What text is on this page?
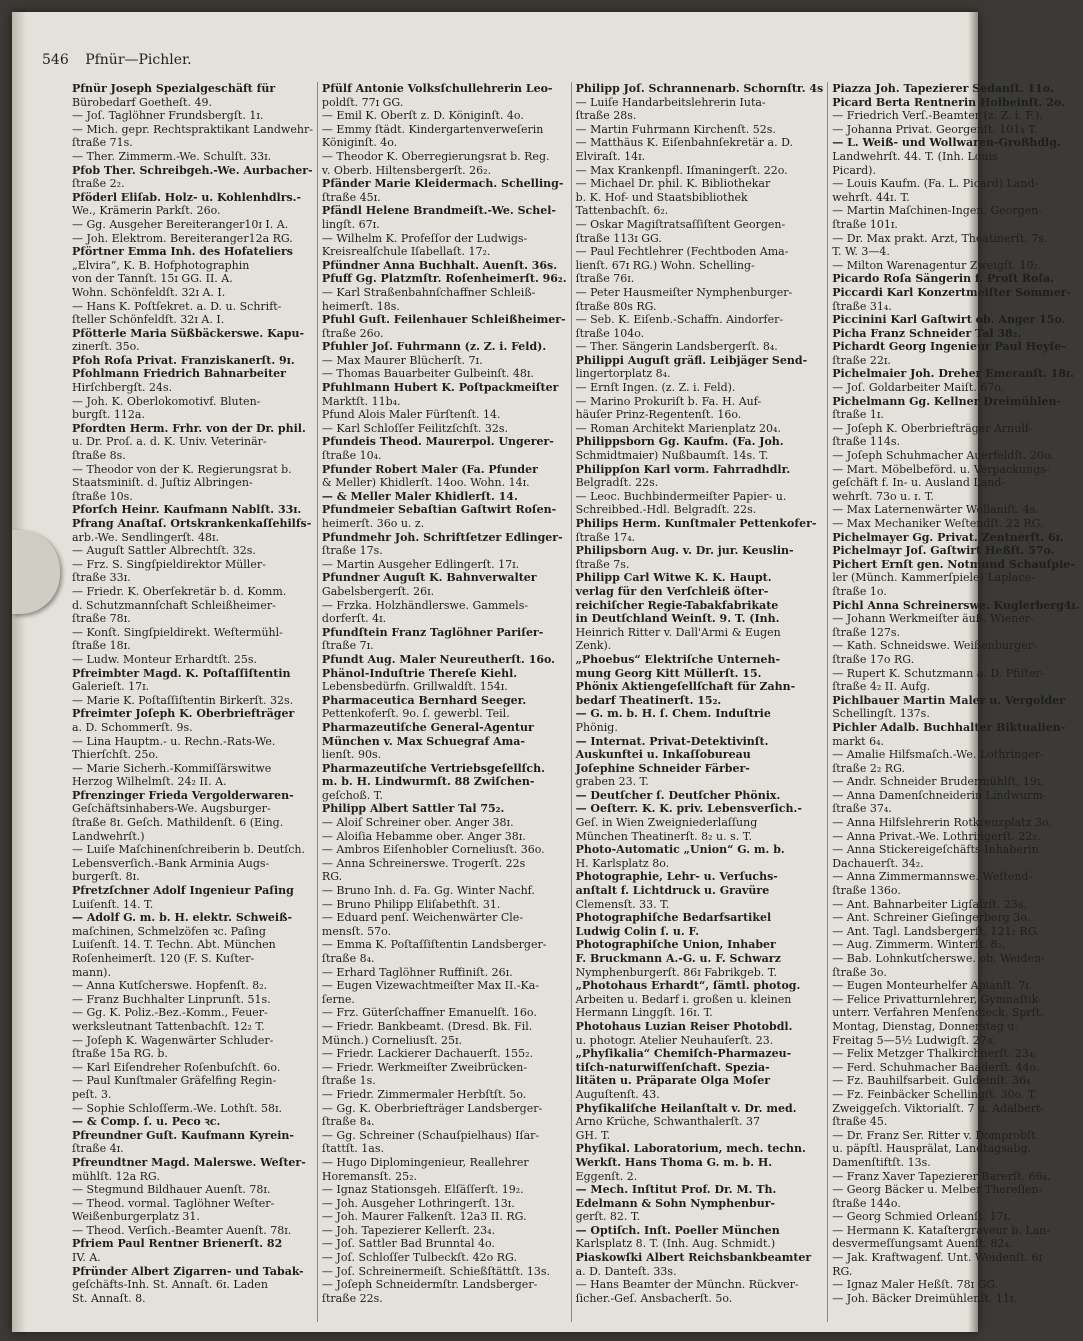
546 Pfnür—Pichler.
Pfnür Joseph Spezialgeschäft für
Bürobedarf Goetheſt. 49.
— Joſ. Taglöhner Frundsbergſt. 1ɪ.
— Mich. gepr. Rechtspraktikant Landwehr-
ſtraße 71s.
— Ther. Zimmerm.-We. Schulſt. 33ɪ.
Pfob Ther. Schreibgeh.-We. Aurbacher-
ſtraße 2₂.
Pföderl Eliſab. Holz- u. Kohlenhdlrs.-
We., Krämerin Parkſt. 26o.
— Gg. Ausgeher Bereiteranger10ɪ I. A.
— Joh. Elektrom. Bereiteranger12a RG.
Pförtner Emma Inh. des Hofateliers
„Elvira“, K. B. Hofphotographin
von der Tannſt. 15ɪ GG. II. A.
Wohn. Schönfeldſt. 32ɪ A. I.
— Hans K. Poſtſekret. a. D. u. Schrift-
ſteller Schönfeldſt. 32ɪ A. I.
Pfötterle Maria Süßbäckerswe. Kapu-
zinerſt. 35o.
Pfoh Roſa Privat. Franziskanerſt. 9ɪ.
Pfohlmann Friedrich Bahnarbeiter
Hirſchbergſt. 24s.
— Joh. K. Oberlokomotivf. Bluten-
burgſt. 112a.
Pfordten Herm. Frhr. von der Dr. phil.
u. Dr. Proſ. a. d. K. Univ. Veterinär-
ſtraße 8s.
— Theodor von der K. Regierungsrat b.
Staatsminiſt. d. Juſtiz Albringen-
ſtraße 10s.
Pforſch Heinr. Kaufmann Nablſt. 33ɪ.
Pfrang Anaſtaſ. Ortskrankenkaſſehilfs-
arb.-We. Sendlingerſt. 48ɪ.
— Auguſt Sattler Albrechtſt. 32s.
— Frz. S. Singſpieldirektor Müller-
ſtraße 33ɪ.
— Friedr. K. Oberſekretär b. d. Komm.
d. Schutzmannſchaft Schleißheimer-
ſtraße 78ɪ.
— Konſt. Singſpieldirekt. Weſtermühl-
ſtraße 18ɪ.
— Ludw. Monteur Erhardtſt. 25s.
Pfreimbter Magd. K. Poſtaſſiſtentin
Galerieſt. 17ɪ.
— Marie K. Poſtaſſiſtentin Birkerſt. 32s.
Pfreimter Joſeph K. Oberbriefträger
a. D. Schommerſt. 9s.
— Lina Hauptm.- u. Rechn.-Rats-We.
Thierſchſt. 25o.
— Marie Sicherh.-Kommiſſärswitwe
Herzog Wilhelmſt. 24₂ II. A.
Pfrenzinger Frieda Vergolderwaren-
Geſchäftsinhabers-We. Augsburger-
ſtraße 8ɪ. Geſch. Mathildenſt. 6 (Eing.
Landwehrſt.)
— Luiſe Maſchinenſchreiberin b. Deutſch.
Lebensverſich.-Bank Arminia Augs-
burgerſt. 8ɪ.
Pfretzſchner Adolf Ingenieur Paſing
Luiſenſt. 14. T.
— Adolf G. m. b. H. elektr. Schweiß-
maſchinen, Schmelzöfen ꝛc. Paſing
Luiſenſt. 14. T. Techn. Abt. München
Roſenheimerſt. 120 (F. S. Kuſter-
mann).
— Anna Kutſcherswe. Hopfenſt. 8₂.
— Franz Buchhalter Linprunſt. 51s.
— Gg. K. Poliz.-Bez.-Komm., Feuer-
werksleutnant Tattenbachſt. 12₂ T.
— Joſeph K. Wagenwärter Schluder-
ſtraße 15a RG. b.
— Karl Eiſendreher Roſenbuſchſt. 6o.
— Paul Kunſtmaler Gräfelfing Regin-
peſt. 3.
— Sophie Schloſſerm.-We. Lothſt. 58ɪ.
— & Comp. ſ. u. Peco ꝛc.
Pfreundner Guſt. Kaufmann Kyrein-
ſtraße 4ɪ.
Pfreundtner Magd. Malerswe. Weſter-
mühlſt. 12a RG.
— Stegmund Bildhauer Auenſt. 78ɪ.
— Theod. vormal. Taglöhner Weſter-
Weißenburgerplatz 31.
— Theod. Verſich.-Beamter Auenſt. 78ɪ.
Pfriem Paul Rentner Brienerſt. 82
IV. A.
Pfründer Albert Zigarren- und Tabak-
geſchäfts-Inh. St. Annaſt. 6ɪ. Laden
St. Annaſt. 8.
Pfülf Antonie Volksſchullehrerin Leo-
poldſt. 77ɪ GG.
— Emil K. Oberſt z. D. Königinſt. 4o.
— Emmy ſtädt. Kindergartenverweſerin
Königinſt. 4o.
— Theodor K. Oberregierungsrat b. Reg.
v. Oberb. Hiltensbergerſt. 26₂.
Pfänder Marie Kleidermach. Schelling-
ſtraße 45ɪ.
Pfändl Helene Brandmeiſt.-We. Schel-
lingſt. 67ɪ.
— Wilhelm K. Profeſſor der Ludwigs-
Kreisrealſchule Iſabellaſt. 17₂.
Pfündner Anna Buchhalt. Auenſt. 36s.
Pfuff Gg. Platzmſtr. Roſenheimerſt. 96₂.
— Karl Straßenbahnſchaffner Schleiß-
heimerſt. 18s.
Pfuhl Guſt. Feilenhauer Schleißheimer-
ſtraße 26o.
Pfuhler Joſ. Fuhrmann (z. Z. i. Feld).
— Max Maurer Blücherſt. 7ɪ.
— Thomas Bauarbeiter Gulbeinſt. 48ɪ.
Pfuhlmann Hubert K. Poſtpackmeiſter
Marktſt. 11b₄.
Pfund Alois Maler Fürſtenſt. 14.
— Karl Schloſſer Feilitzſchſt. 32s.
Pfundeis Theod. Maurerpol. Ungerer-
ſtraße 10₄.
Pfunder Robert Maler (Fa. Pfunder
& Meller) Khidlerſt. 14oo. Wohn. 14ɪ.
— & Meller Maler Khidlerſt. 14.
Pfundmeier Sebaſtian Gaſtwirt Roſen-
heimerſt. 36o u. z.
Pfundmehr Joh. Schriftſetzer Edlinger-
ſtraße 17s.
— Martin Ausgeher Edlingerſt. 17ɪ.
Pfundner Auguſt K. Bahnverwalter
Gabelsbergerſt. 26ɪ.
— Frzka. Holzhändlerswe. Gammels-
dorferſt. 4ɪ.
Pfundſtein Franz Taglöhner Pariſer-
ſtraße 7ɪ.
Pfundt Aug. Maler Neureutherſt. 16o.
Phänol-Induſtrie Thereſe Kiehl.
Lebensbedürfn. Grillwaldſt. 154ɪ.
Pharmaceutica Bernhard Seeger.
Pettenkoferſt. 9o. ſ. gewerbl. Teil.
Pharmazeutiſche General-Agentur
München v. Max Schuegraf Ama-
lienſt. 90s.
Pharmazeutiſche Vertriebsgeſellſch.
m. b. H. Lindwurmſt. 88 Zwiſchen-
geſchoß. T.
Philipp Albert Sattler Tal 75₂.
— Aloiſ Schreiner ober. Anger 38ɪ.
— Aloiſia Hebamme ober. Anger 38ɪ.
— Ambros Eiſenhobler Corneliusſt. 36o.
— Anna Schreinerswe. Trogerſt. 22s
RG.
— Bruno Inh. d. Fa. Gg. Winter Nachf.
— Bruno Philipp Eliſabethſt. 31.
— Eduard penſ. Weichenwärter Cle-
mensſt. 57o.
— Emma K. Poſtaſſiſtentin Landsberger-
ſtraße 8₄.
— Erhard Taglöhner Ruffiniſt. 26ɪ.
— Eugen Vizewachtmeiſter Max II.-Ka-
ſerne.
— Frz. Güterſchaffner Emanuelſt. 16o.
— Friedr. Bankbeamt. (Dresd. Bk. Fil.
Münch.) Corneliusſt. 25ɪ.
— Friedr. Lackierer Dachauerſt. 155₂.
— Friedr. Werkmeiſter Zweibrücken-
ſtraße 1s.
— Friedr. Zimmermaler Herbſtſt. 5o.
— Gg. K. Oberbriefträger Landsberger-
ſtraße 8₄.
— Gg. Schreiner (Schauſpielhaus) Iſar-
ſtattſt. 1as.
— Hugo Diplomingenieur, Reallehrer
Horemansſt. 25₂.
— Ignaz Stationsgeh. Elſäſſerſt. 19₂.
— Joh. Ausgeher Lothringerſt. 13ɪ.
— Joh. Maurer Falkenſt. 12a3 II. RG.
— Joh. Tapezierer Kellerſt. 23₄.
— Joſ. Sattler Bad Brunntal 4o.
— Joſ. Schloſſer Tulbeckſt. 42o RG.
— Joſ. Schreinermeiſt. Schießſtättſt. 13s.
— Joſeph Schneidermſtr. Landsberger-
ſtraße 22s.
Philipp Joſ. Schrannenarb. Schornſtr. 4s
— Luiſe Handarbeitslehrerin Iuta-
ſtraße 28s.
— Martin Fuhrmann Kirchenſt. 52s.
— Matthäus K. Eiſenbahnſekretär a. D.
Elviraſt. 14ɪ.
— Max Krankenpfl. Iſmaningerſt. 22o.
— Michael Dr. phil. K. Bibliothekar
b. K. Hof- und Staatsbibliothek
Tattenbachſt. 6₂.
— Oskar Magiſtratsaſſiſtent Georgen-
ſtraße 113ɪ GG.
— Paul Fechtlehrer (Fechtboden Ama-
lienſt. 67ɪ RG.) Wohn. Schelling-
ſtraße 76ɪ.
— Peter Hausmeiſter Nymphenburger-
ſtraße 80s RG.
— Seb. K. Eiſenb.-Schaffn. Aindorfer-
ſtraße 104o.
— Ther. Sängerin Landsbergerſt. 8₄.
Philippi Auguſt gräfl. Leibjäger Send-
lingertorplatz 8₄.
— Ernſt Ingen. (z. Z. i. Feld).
— Marino Prokuriſt b. Fa. H. Auf-
häuſer Prinz-Regentenſt. 16o.
— Roman Architekt Marienplatz 20₄.
Philippsborn Gg. Kaufm. (Fa. Joh.
Schmidtmaier) Nußbaumſt. 14s. T.
Philippſon Karl vorm. Fahrradhdlr.
Belgradſt. 22s.
— Leoc. Buchbindermeiſter Papier- u.
Schreibbed.-Hdl. Belgradſt. 22s.
Philips Herm. Kunſtmaler Pettenkofer-
ſtraße 17₄.
Philipsborn Aug. v. Dr. jur. Keuslin-
ſtraße 7s.
Philipp Carl Witwe K. K. Haupt.
verlag für den Verſchleiß öſter-
reichiſcher Regie-Tabakfabrikate
in Deutſchland Weinſt. 9. T. (Inh.
Heinrich Ritter v. Dall'Armi & Eugen
Zenk).
„Phoebus“ Elektriſche Unterneh-
mung Georg Kitt Müllerſt. 15.
Phönix Aktiengeſellſchaft für Zahn-
bedarf Theatinerſt. 15₂.
— G. m. b. H. ſ. Chem. Induſtrie
Phönig.
— Internat. Privat-Detektivinſt.
Auskunftei u. Inkaſſobureau
Joſephine Schneider Färber-
graben 23. T.
— Deutſcher ſ. Deutſcher Phönix.
— Oeſterr. K. K. priv. Lebensverſich.-
Geſ. in Wien Zweigniederlaſſung
München Theatinerſt. 8₂ u. s. T.
Photo-Automatic „Union“ G. m. b.
H. Karlsplatz 8o.
Photographie, Lehr- u. Verſuchs-
anſtalt f. Lichtdruck u. Gravüre
Clemensſt. 33. T.
Photographiſche Bedarfsartikel
Ludwig Colin ſ. u. F.
Photographiſche Union, Inhaber
F. Bruckmann A.-G. u. F. Schwarz
Nymphenburgerſt. 86ɪ Fabrikgeb. T.
„Photohaus Erhardt“, ſämtl. photog.
Arbeiten u. Bedarf i. großen u. kleinen
Hermann Linggſt. 16ɪ. T.
Photohaus Luzian Reiser Photobdl.
u. photogr. Atelier Neuhauſerſt. 23.
„Phyſikalia“ Chemiſch-Pharmazeu-
tiſch-naturwiſſenſchaft. Spezia-
litäten u. Präparate Olga Moſer
Auguſtenſt. 43.
Phyſikaliſche Heilanſtalt v. Dr. med.
Arno Krüche, Schwanthalerſt. 37
GH. T.
Phyſikal. Laboratorium, mech. techn.
Werkſt. Hans Thoma G. m. b. H.
Eggenſt. 2.
— Mech. Inſtitut Prof. Dr. M. Th.
Edelmann & Sohn Nymphenbur-
gerſt. 82. T.
— Optiſch. Inſt. Poeller München
Karlsplatz 8. T. (Inh. Aug. Schmidt.)
Piaskowſki Albert Reichsbankbeamter
a. D. Danteſt. 33s.
— Hans Beamter der Münchn. Rückver-
ſicher.-Geſ. Ansbacherſt. 5o.
Piazza Joh. Tapezierer Sedanſt. 11o.
Picard Berta Rentnerin Holbeinſt. 2o.
— Friedrich Verſ.-Beamter (z. Z. i. F.).
— Johanna Privat. Georgenſt. 101₄ T.
— L. Weiß- und Wollwaren-Großhdlg.
Landwehrſt. 44. T. (Inh. Louis
Picard).
— Louis Kaufm. (Fa. L. Picard) Land-
wehrſt. 44ɪ. T.
— Martin Maſchinen-Ingen. Georgen-
ſtraße 101ɪ.
— Dr. Max prakt. Arzt, Theatinerſt. 7s.
T. W. 3—4.
— Milton Warenagentur Zweigſt. 10₂.
Picardo Roſa Sängerin f. Proſt Roſa.
Piccardi Karl Konzertmeiſter Sommer-
ſtraße 31₄.
Piccinini Karl Gaſtwirt ob. Anger 15o.
Picha Franz Schneider Tal 38₂.
Pichardt Georg Ingenieur Paul Heyſe-
ſtraße 22ɪ.
Pichelmaier Joh. Dreher Emeranſt. 18ɪ.
— Joſ. Goldarbeiter Maiſt. 67o.
Pichelmann Gg. Kellner Dreimühlen-
ſtraße 1ɪ.
— Joſeph K. Oberbriefträger Arnulf-
ſtraße 114s.
— Joſeph Schuhmacher Auerfeldſt. 20o.
— Mart. Möbelbeförd. u. Verpackungs-
geſchäft f. In- u. Ausland Land-
wehrſt. 73o u. ɪ. T.
— Max Laternenwärter Wollaniſt. 4s.
— Max Mechaniker Weſtendſt. 22 RG.
Pichelmayer Gg. Privat. Zentnerſt. 6ɪ.
Pichelmayr Joſ. Gaſtwirt Heßſt. 57o.
Pichert Ernſt gen. Notmund Schauſpie-
ler (Münch. Kammerſpiele) Laplace-
ſtraße 1o.
Pichl Anna Schreinerswe. Kuglerberg4ɪ.
— Johann Werkmeiſter äuß. Wiener-
ſtraße 127s.
— Kath. Schneidswe. Weißenburger-
ſtraße 17o RG.
— Rupert K. Schutzmann a. D. Pfiſter-
ſtraße 4₂ II. Aufg.
Pichlbauer Martin Maler u. Vergolder
Schellingſt. 137s.
Pichler Adalb. Buchhalter Biktualien-
markt 6₄.
— Amalie Hilfsmaſch.-We. Lothringer-
ſtraße 2₂ RG.
— Andr. Schneider Brudermühlſt. 19ɪ.
— Anna Damenſchneiderin Lindwurm-
ſtraße 37₄.
— Anna Hilfslehrerin Rotkreuzplatz 3o.
— Anna Privat.-We. Lothringerſt. 22₂.
— Anna Stickereigeſchäfts-Inhaberin
Dachauerſt. 34₂.
— Anna Zimmermannswe. Weſtend-
ſtraße 136o.
— Ant. Bahnarbeiter Ligſalzſt. 23s.
— Ant. Schreiner Gieſingerberg 3o.
— Ant. Tagl. Landsbergerſt. 121₂ RG.
— Aug. Zimmerm. Winterſt. 8₂.
— Bab. Lohnkutſcherswe. ob. Weiden-
ſtraße 3o.
— Eugen Monteurhelfer Apianſt. 7ɪ.
— Felice Privatturnlehrer, Gymnaſtik-
unterr. Verfahren Menſendieck, Sprſt.
Montag, Dienstag, Donnerstag u.
Freitag 5—5½ Ludwigſt. 27s.
— Felix Metzger Thalkirchnerſt. 23₄.
— Ferd. Schuhmacher Baaderſt. 44o.
— Fz. Bauhilfsarbeit. Guldeinſt. 36₄
— Fz. Feinbäcker Schellingſt. 30o. T.
Zweiggeſch. Viktorialſt. 7 u. Adalbert-
ſtraße 45.
— Dr. Franz Ser. Ritter v. Domprobſt
u. päpſtl. Hausprälat, Landtagsabg.
Damenſtiftſt. 13s.
— Franz Xaver Tapezierer Barerſt. 66₄.
— Georg Bäcker u. Melber Thereſien-
ſtraße 144o.
— Georg Schmied Orleanſt. 17ɪ.
— Hermann K. Kataſtergraveur b. Lan-
desvermeſſungsamt Auenſt. 82₄.
— Jak. Kraftwagenf. Unt. Weidenſt. 6ɪ
RG.
— Ignaz Maler Heßſt. 78ɪ GG.
— Joh. Bäcker Dreimühlenſt. 11ɪ.
